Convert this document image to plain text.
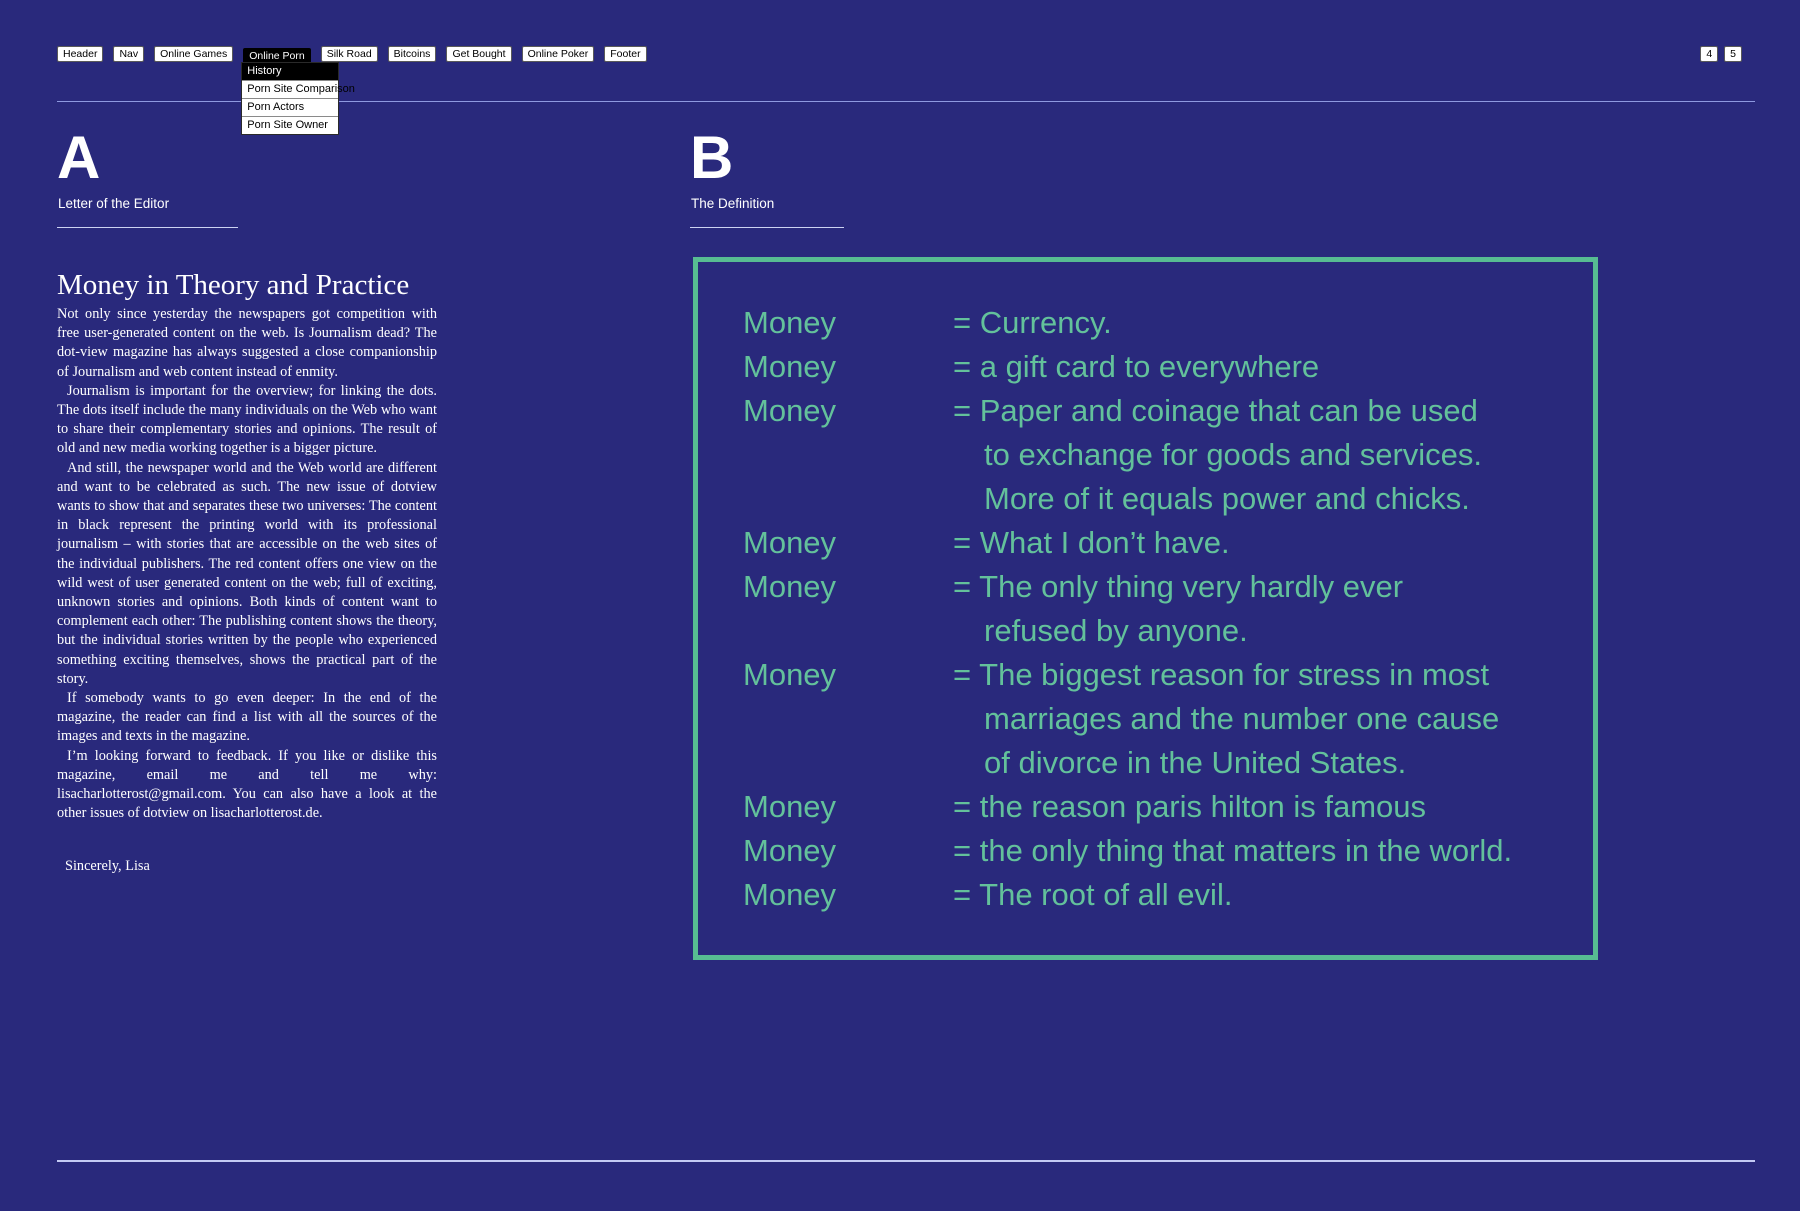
Header	Nav	Online Games	Online Porn
History
Porn Site Comparison
Porn Actors
Porn Site Owner
Silk Road	Bitcoins	Get Bought	Online Poker	Footer	4	5
A
Letter of the Editor
Money in Theory and Practice

Not only since yesterday the newspapers got competition with free user-generated content on the web. Is Journalism dead? The dot-view magazine has always suggested a close companionship of Journalism and web content instead of enmity.

Journalism is important for the overview; for linking the dots. The dots itself include the many individuals on the Web who want to share their complementary stories and opinions. The result of old and new media working together is a bigger picture.

And still, the newspaper world and the Web world are different and want to be celebrated as such. The new issue of dotview wants to show that and separates these two universes: The content in black represent the printing world with its professional journalism – with stories that are accessible on the web sites of the individual publishers. The red content offers one view on the wild west of user generated content on the web; full of exciting, unknown stories and opinions. Both kinds of content want to complement each other: The publishing content shows the theory, but the individual stories written by the people who experienced something exciting themselves, shows the practical part of the story.

If somebody wants to go even deeper: In the end of the magazine, the reader can find a list with all the sources of the images and texts in the magazine.

I’m looking forward to feedback. If you like or dislike this magazine, email me and tell me why: lisacharlotterost@gmail.com. You can also have a look at the other issues of dotview on lisacharlotterost.de.

Sincerely, Lisa
B
The Definition
Money	= Currency.
Money	= a gift card to everywhere
Money	= Paper and coinage that can be used
to exchange for goods and services.
More of it equals power and chicks.
Money	= What I don’t have.
Money	= The only thing very hardly ever
refused by anyone.
Money	= The biggest reason for stress in most
marriages and the number one cause
of divorce in the United States.
Money	= the reason paris hilton is famous
Money	= the only thing that matters in the world.
Money	= The root of all evil.
